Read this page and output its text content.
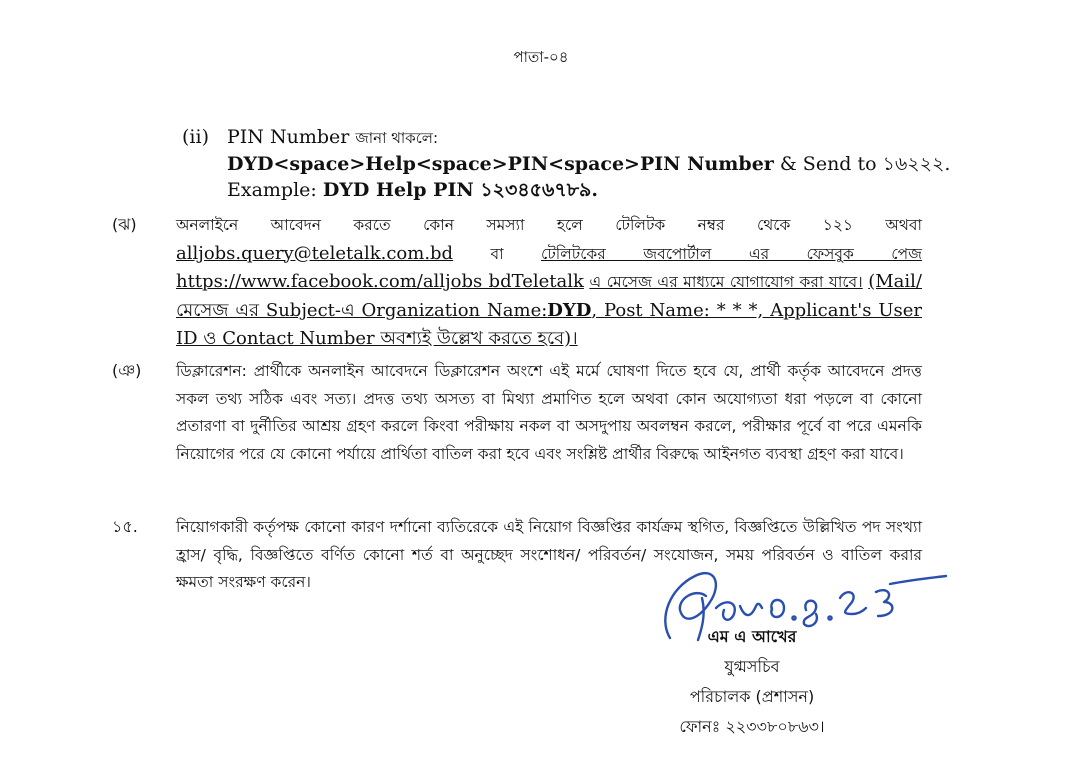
পাতা-০৪
(ii) PIN Number জানা থাকলে:
DYD<space>Help<space>PIN<space>PIN Number & Send to ১৬২২২.
Example: DYD Help PIN ১২৩৪৫৬৭৮৯.
(ঝ)	অনলাইনে আবেদন করতে কোন সমস্যা হলে টেলিটক নম্বর থেকে ১২১ অথবা alljobs.query@teletalk.com.bd বা টেলিটকের জবপোর্টাল এর ফেসবুক পেজ https://www.facebook.com/alljobs bdTeletalk এ মেসেজ এর মাধ্যমে যোগাযোগ করা যাবে। (Mail/মেসেজ এর Subject-এ Organization Name:DYD, Post Name: * * *, Applicant's User ID ও Contact Number অবশ্যই উল্লেখ করতে হবে)।
(ঞ) ডিক্লারেশন: প্রার্থীকে অনলাইন আবেদনে ডিক্লারেশন অংশে এই মর্মে ঘোষণা দিতে হবে যে, প্রার্থী কর্তৃক আবেদনে প্রদত্ত সকল তথ্য সঠিক এবং সত্য। প্রদত্ত তথ্য অসত্য বা মিথ্যা প্রমাণিত হলে অথবা কোন অযোগ্যতা ধরা পড়লে বা কোনো প্রতারণা বা দুর্নীতির আশ্রয় গ্রহণ করলে কিংবা পরীক্ষায় নকল বা অসদুপায় অবলম্বন করলে, পরীক্ষার পূর্বে বা পরে এমনকি নিয়োগের পরে যে কোনো পর্যায়ে প্রার্থিতা বাতিল করা হবে এবং সংশ্লিষ্ট প্রার্থীর বিরুদ্ধে আইনগত ব্যবস্থা গ্রহণ করা যাবে।
১৫. নিয়োগকারী কর্তৃপক্ষ কোনো কারণ দর্শানো ব্যতিরেকে এই নিয়োগ বিজ্ঞপ্তির কার্যক্রম স্থগিত, বিজ্ঞপ্তিতে উল্লিখিত পদ সংখ্যা হ্রাস/ বৃদ্ধি, বিজ্ঞপ্তিতে বর্ণিত কোনো শর্ত বা অনুচ্ছেদ সংশোধন/ পরিবর্তন/ সংযোজন, সময় পরিবর্তন ও বাতিল করার ক্ষমতা সংরক্ষণ করেন।
এম এ আখের
যুগ্মসচিব
পরিচালক (প্রশাসন)
ফোনঃ ২২৩৩৮০৮৬৩।
